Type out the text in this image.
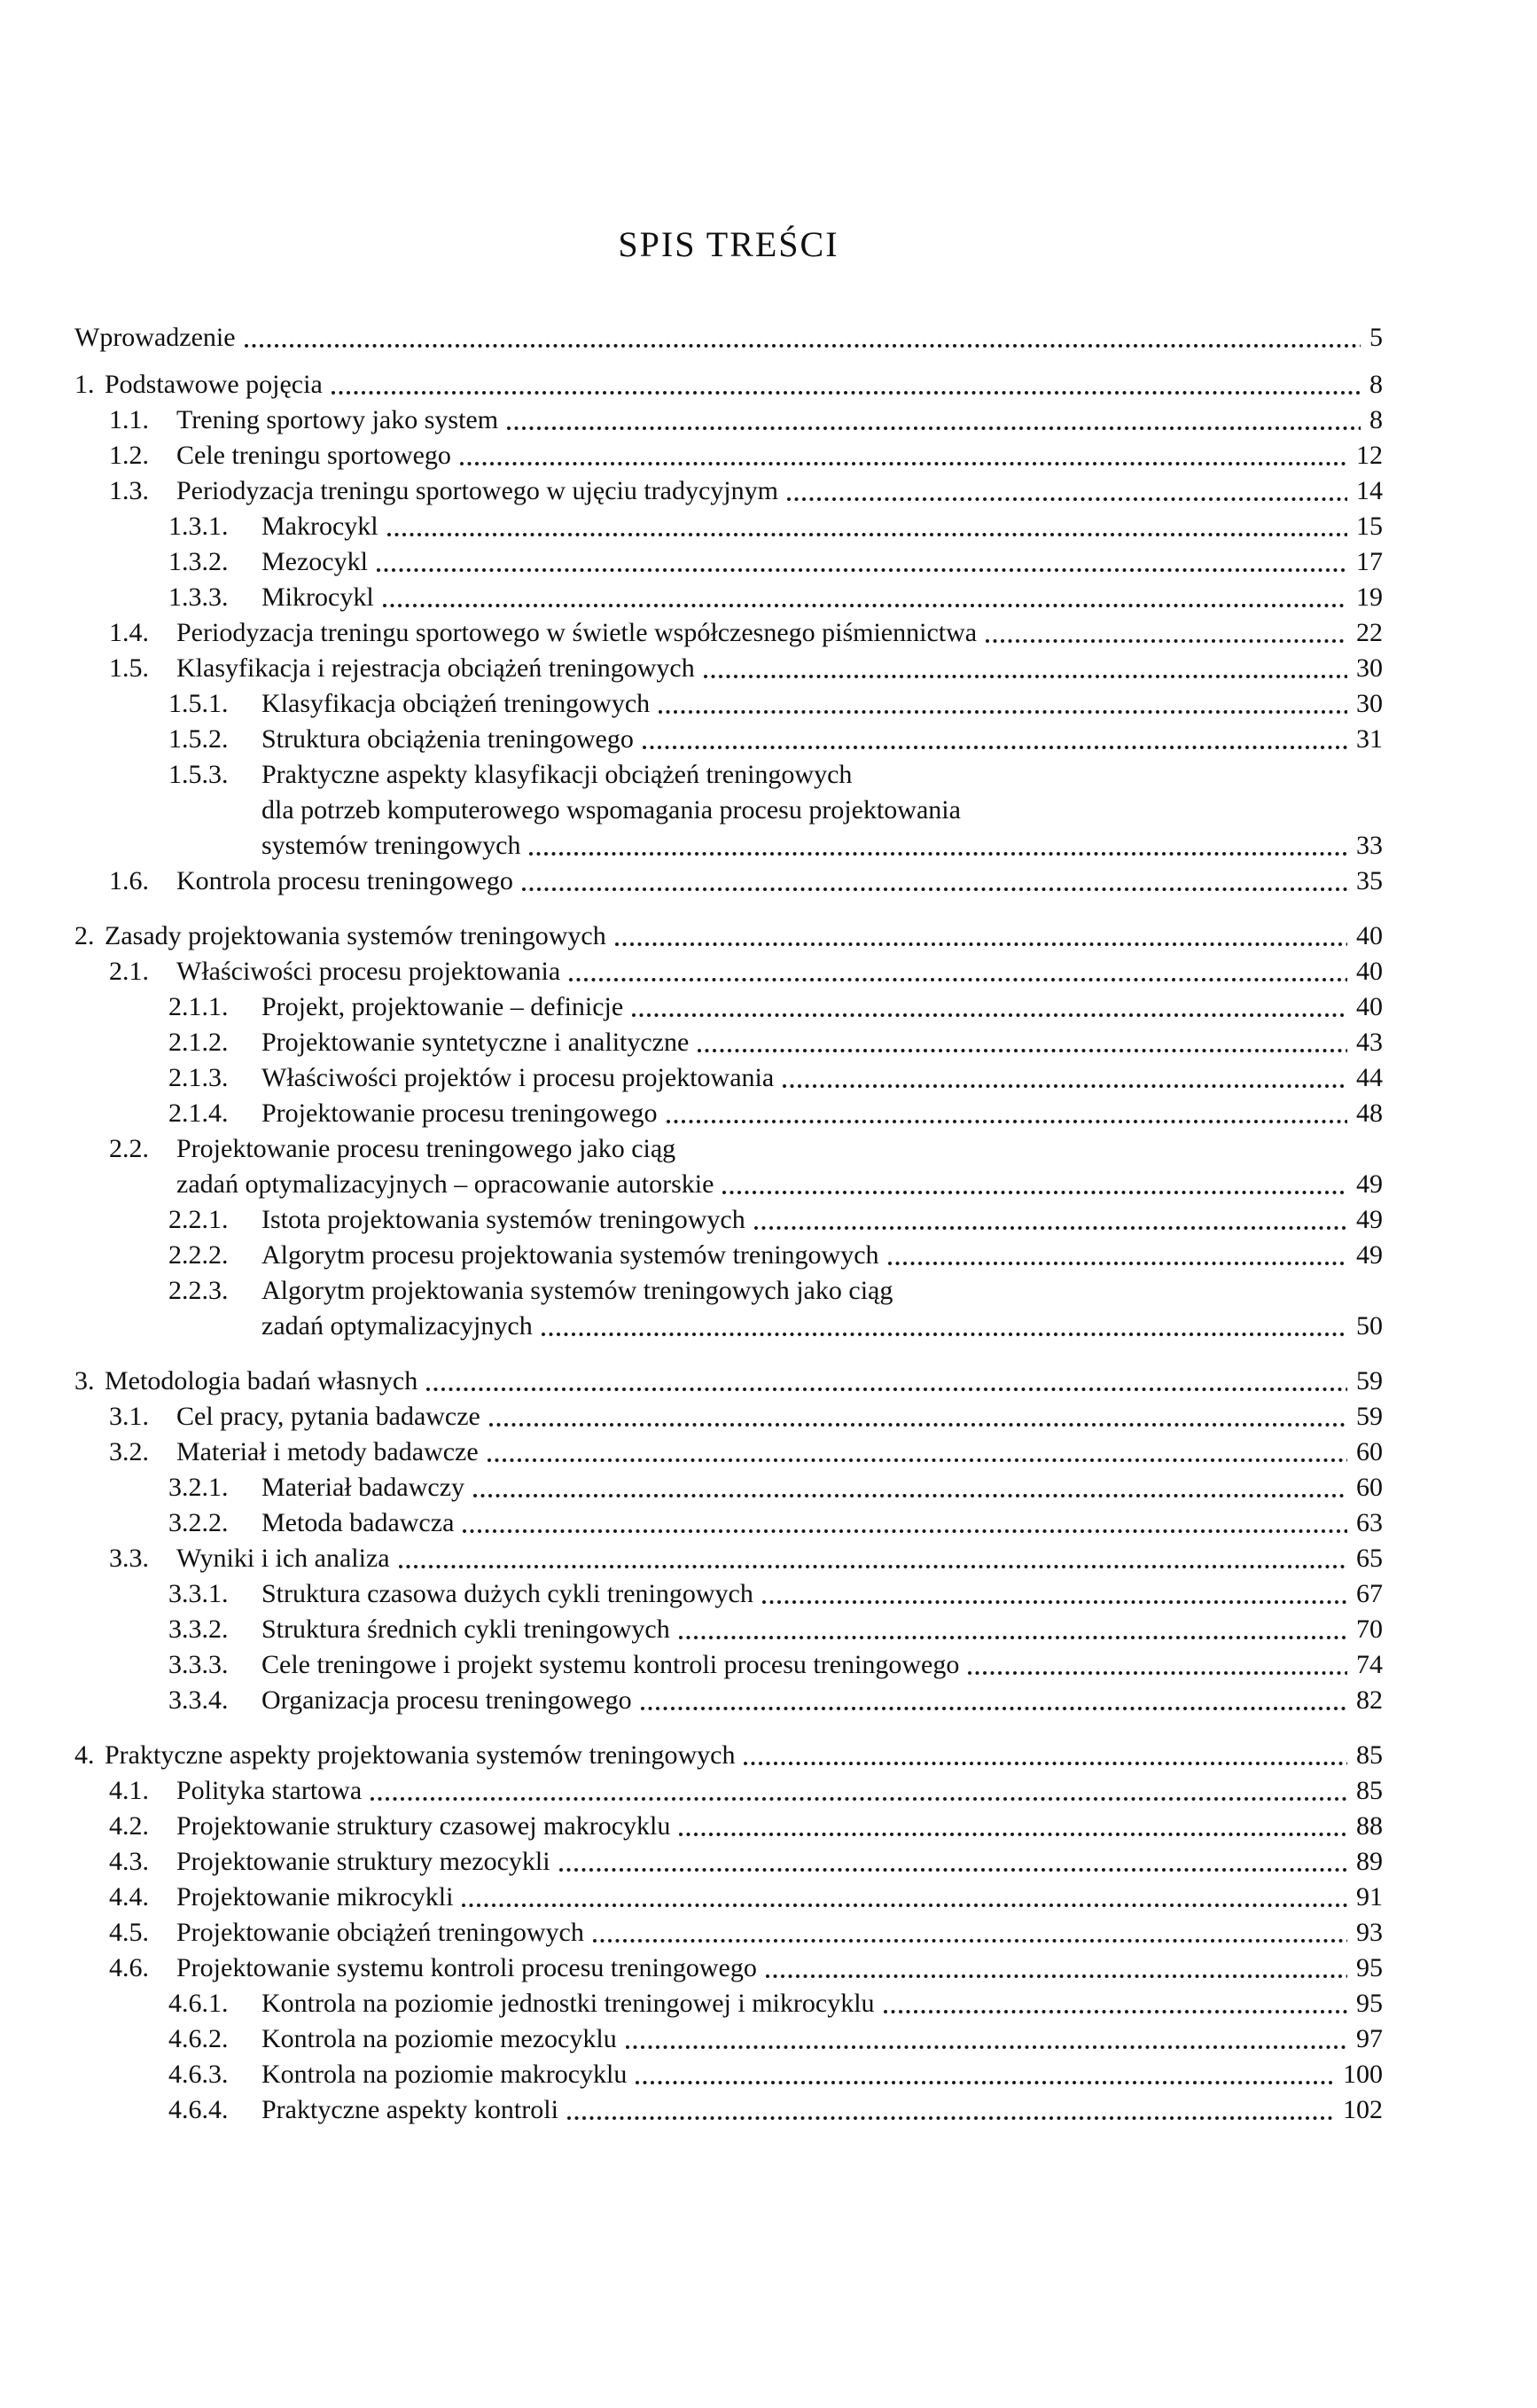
SPIS TREŚCI
Wprowadzenie	5
1. Podstawowe pojęcia	8
1.1.	Trening sportowy jako system	8
1.2.	Cele treningu sportowego	12
1.3.	Periodyzacja treningu sportowego w ujęciu tradycyjnym	14
1.3.1.	Makrocykl	15
1.3.2.	Mezocykl	17
1.3.3.	Mikrocykl	19
1.4.	Periodyzacja treningu sportowego w świetle współczesnego piśmiennictwa	22
1.5.	Klasyfikacja i rejestracja obciążeń treningowych	30
1.5.1.	Klasyfikacja obciążeń treningowych	30
1.5.2.	Struktura obciążenia treningowego	31
1.5.3.	Praktyczne aspekty klasyfikacji obciążeń treningowych
dla potrzeb komputerowego wspomagania procesu projektowania
systemów treningowych	33
1.6.	Kontrola procesu treningowego	35
2. Zasady projektowania systemów treningowych	40
2.1.	Właściwości procesu projektowania	40
2.1.1.	Projekt, projektowanie – definicje	40
2.1.2.	Projektowanie syntetyczne i analityczne	43
2.1.3.	Właściwości projektów i procesu projektowania	44
2.1.4.	Projektowanie procesu treningowego	48
2.2.	Projektowanie procesu treningowego jako ciąg
zadań optymalizacyjnych – opracowanie autorskie	49
2.2.1.	Istota projektowania systemów treningowych	49
2.2.2.	Algorytm procesu projektowania systemów treningowych	49
2.2.3.	Algorytm projektowania systemów treningowych jako ciąg
zadań optymalizacyjnych	50
3. Metodologia badań własnych	59
3.1.	Cel pracy, pytania badawcze	59
3.2.	Materiał i metody badawcze	60
3.2.1.	Materiał badawczy	60
3.2.2.	Metoda badawcza	63
3.3.	Wyniki i ich analiza	65
3.3.1.	Struktura czasowa dużych cykli treningowych	67
3.3.2.	Struktura średnich cykli treningowych	70
3.3.3.	Cele treningowe i projekt systemu kontroli procesu treningowego	74
3.3.4.	Organizacja procesu treningowego	82
4. Praktyczne aspekty projektowania systemów treningowych	85
4.1.	Polityka startowa	85
4.2.	Projektowanie struktury czasowej makrocyklu	88
4.3.	Projektowanie struktury mezocykli	89
4.4.	Projektowanie mikrocykli	91
4.5.	Projektowanie obciążeń treningowych	93
4.6.	Projektowanie systemu kontroli procesu treningowego	95
4.6.1.	Kontrola na poziomie jednostki treningowej i mikrocyklu	95
4.6.2.	Kontrola na poziomie mezocyklu	97
4.6.3.	Kontrola na poziomie makrocyklu	100
4.6.4.	Praktyczne aspekty kontroli	102
